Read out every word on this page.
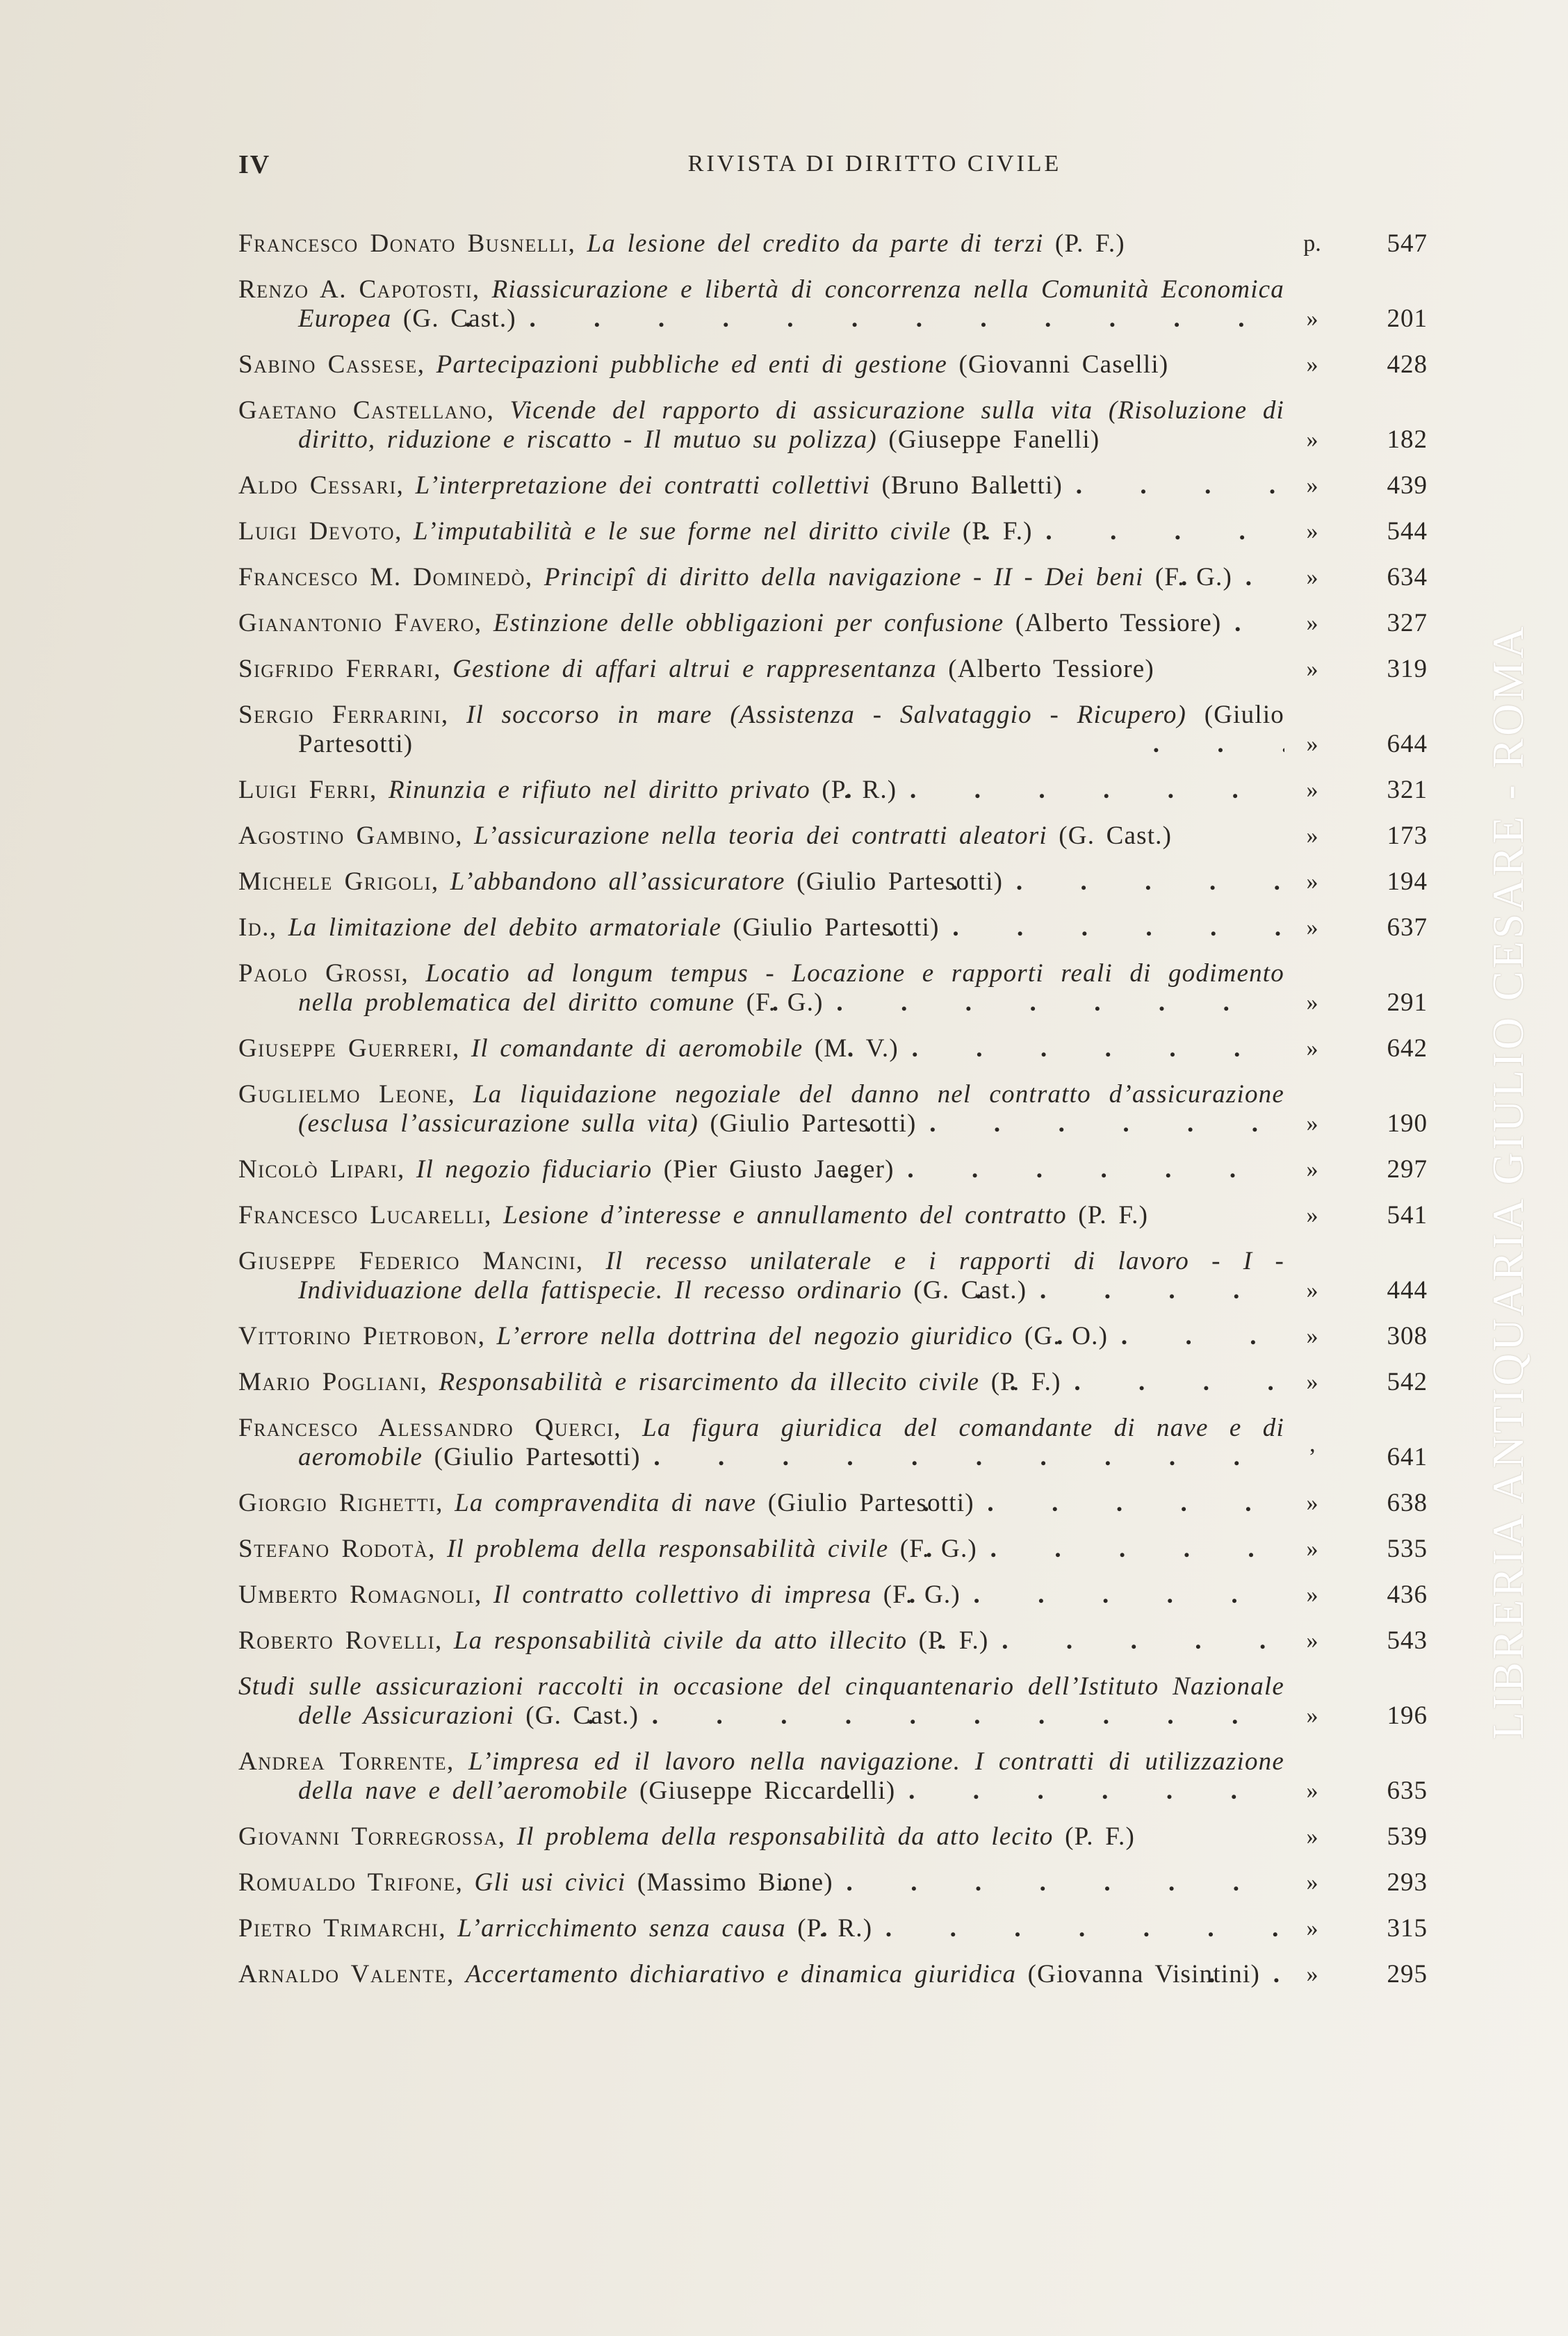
IV	RIVISTA DI DIRITTO CIVILE
Francesco Donato Busnelli, La lesione del credito da parte di terzi (P. F.)	p.	547
Renzo A. Capotosti, Riassicurazione e libertà di concorrenza nella Comunità Economica Europea (G. Cast.) .	»	201
Sabino Cassese, Partecipazioni pubbliche ed enti di gestione (Giovanni Caselli)	»	428
Gaetano Castellano, Vicende del rapporto di assicurazione sulla vita (Risoluzione di diritto, riduzione e riscatto - Il mutuo su polizza) (Giuseppe Fanelli)	»	182
Aldo Cessari, L’interpretazione dei contratti collettivi (Bruno Balletti) .	»	439
Luigi Devoto, L’imputabilità e le sue forme nel diritto civile (P. F.) .	»	544
Francesco M. Dominedò, Principî di diritto della navigazione - II - Dei beni (F. G.) .	»	634
Gianantonio Favero, Estinzione delle obbligazioni per confusione (Alberto Tessiore) .	»	327
Sigfrido Ferrari, Gestione di affari altrui e rappresentanza (Alberto Tessiore)	»	319
Sergio Ferrarini, Il soccorso in mare (Assistenza - Salvataggio - Ricupero) (Giulio Partesotti) .	»	644
Luigi Ferri, Rinunzia e rifiuto nel diritto privato (P. R.) .	»	321
Agostino Gambino, L’assicurazione nella teoria dei contratti aleatori (G. Cast.)	»	173
Michele Grigoli, L’abbandono all’assicuratore (Giulio Partesotti) .	»	194
Id., La limitazione del debito armatoriale (Giulio Partesotti) .	»	637
Paolo Grossi, Locatio ad longum tempus - Locazione e rapporti reali di godimento nella problematica del diritto comune (F. G.) .	»	291
Giuseppe Guerreri, Il comandante di aeromobile (M. V.) .	»	642
Guglielmo Leone, La liquidazione negoziale del danno nel contratto d’assicurazione (esclusa l’assicurazione sulla vita) (Giulio Partesotti) .	»	190
Nicolò Lipari, Il negozio fiduciario (Pier Giusto Jaeger) .	»	297
Francesco Lucarelli, Lesione d’interesse e annullamento del contratto (P. F.)	»	541
Giuseppe Federico Mancini, Il recesso unilaterale e i rapporti di lavoro - I - Individuazione della fattispecie. Il recesso ordinario (G. Cast.) .	»	444
Vittorino Pietrobon, L’errore nella dottrina del negozio giuridico (G. O.) .	»	308
Mario Pogliani, Responsabilità e risarcimento da illecito civile (P. F.) .	»	542
Francesco Alessandro Querci, La figura giuridica del comandante di nave e di aeromobile (Giulio Partesotti) .	’	641
Giorgio Righetti, La compravendita di nave (Giulio Partesotti) .	»	638
Stefano Rodotà, Il problema della responsabilità civile (F. G.) .	»	535
Umberto Romagnoli, Il contratto collettivo di impresa (F. G.) .	»	436
Roberto Rovelli, La responsabilità civile da atto illecito (P. F.) .	»	543
Studi sulle assicurazioni raccolti in occasione del cinquantenario dell’Istituto Nazionale delle Assicurazioni (G. Cast.) .	»	196
Andrea Torrente, L’impresa ed il lavoro nella navigazione. I contratti di utilizzazione della nave e dell’aeromobile (Giuseppe Riccardelli) .	»	635
Giovanni Torregrossa, Il problema della responsabilità da atto lecito (P. F.)	»	539
Romualdo Trifone, Gli usi civici (Massimo Bione) .	»	293
Pietro Trimarchi, L’arricchimento senza causa (P. R.) .	»	315
Arnaldo Valente, Accertamento dichiarativo e dinamica giuridica (Giovanna Visintini) .	»	295
LIBRERIA ANTIQUARIA GIULIO CESARE - ROMA
